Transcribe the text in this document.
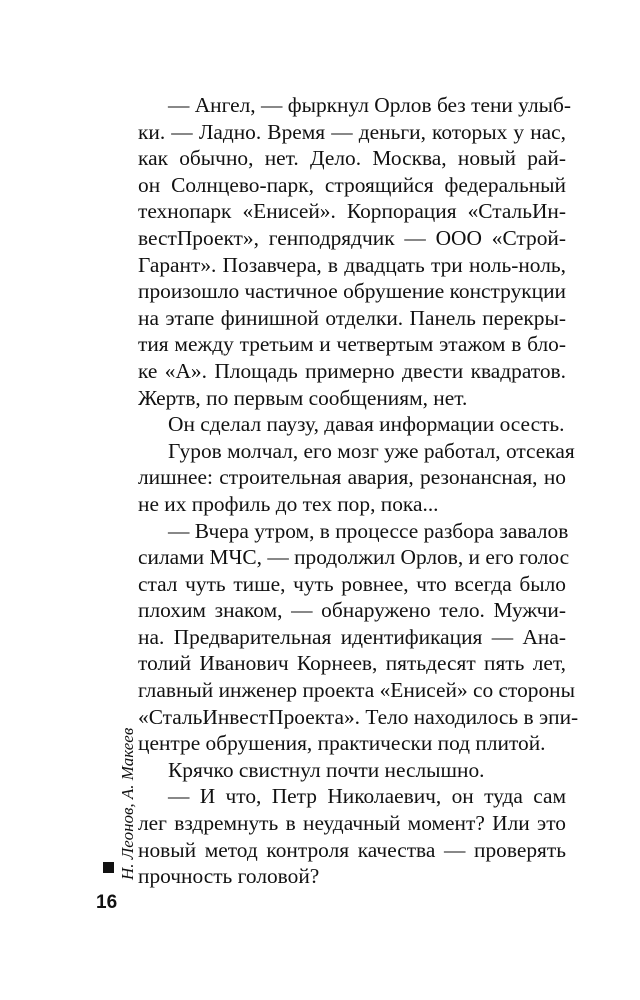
— Ангел, — фыркнул Орлов без тени улыб-
ки. — Ладно. Время — деньги, которых у нас,
как обычно, нет. Дело. Москва, новый рай-
он Солнцево-парк, строящийся федеральный
технопарк «Енисей». Корпорация «СтальИн-
вестПроект», генподрядчик — ООО «Строй-
Гарант». Позавчера, в двадцать три ноль-ноль,
произошло частичное обрушение конструкции
на этапе финишной отделки. Панель перекры-
тия между третьим и четвертым этажом в бло-
ке «А». Площадь примерно двести квадратов.
Жертв, по первым сообщениям, нет.
Он сделал паузу, давая информации осесть.
Гуров молчал, его мозг уже работал, отсекая
лишнее: строительная авария, резонансная, но
не их профиль до тех пор, пока...
— Вчера утром, в процессе разбора завалов
силами МЧС, — продолжил Орлов, и его голос
стал чуть тише, чуть ровнее, что всегда было
плохим знаком, — обнаружено тело. Мужчи-
на. Предварительная идентификация — Ана-
толий Иванович Корнеев, пятьдесят пять лет,
главный инженер проекта «Енисей» со стороны
«СтальИнвестПроекта». Тело находилось в эпи-
центре обрушения, практически под плитой.
Крячко свистнул почти неслышно.
— И что, Петр Николаевич, он туда сам
лег вздремнуть в неудачный момент? Или это
новый метод контроля качества — проверять
прочность головой?
Н. Леонов, А. Макеев
16
